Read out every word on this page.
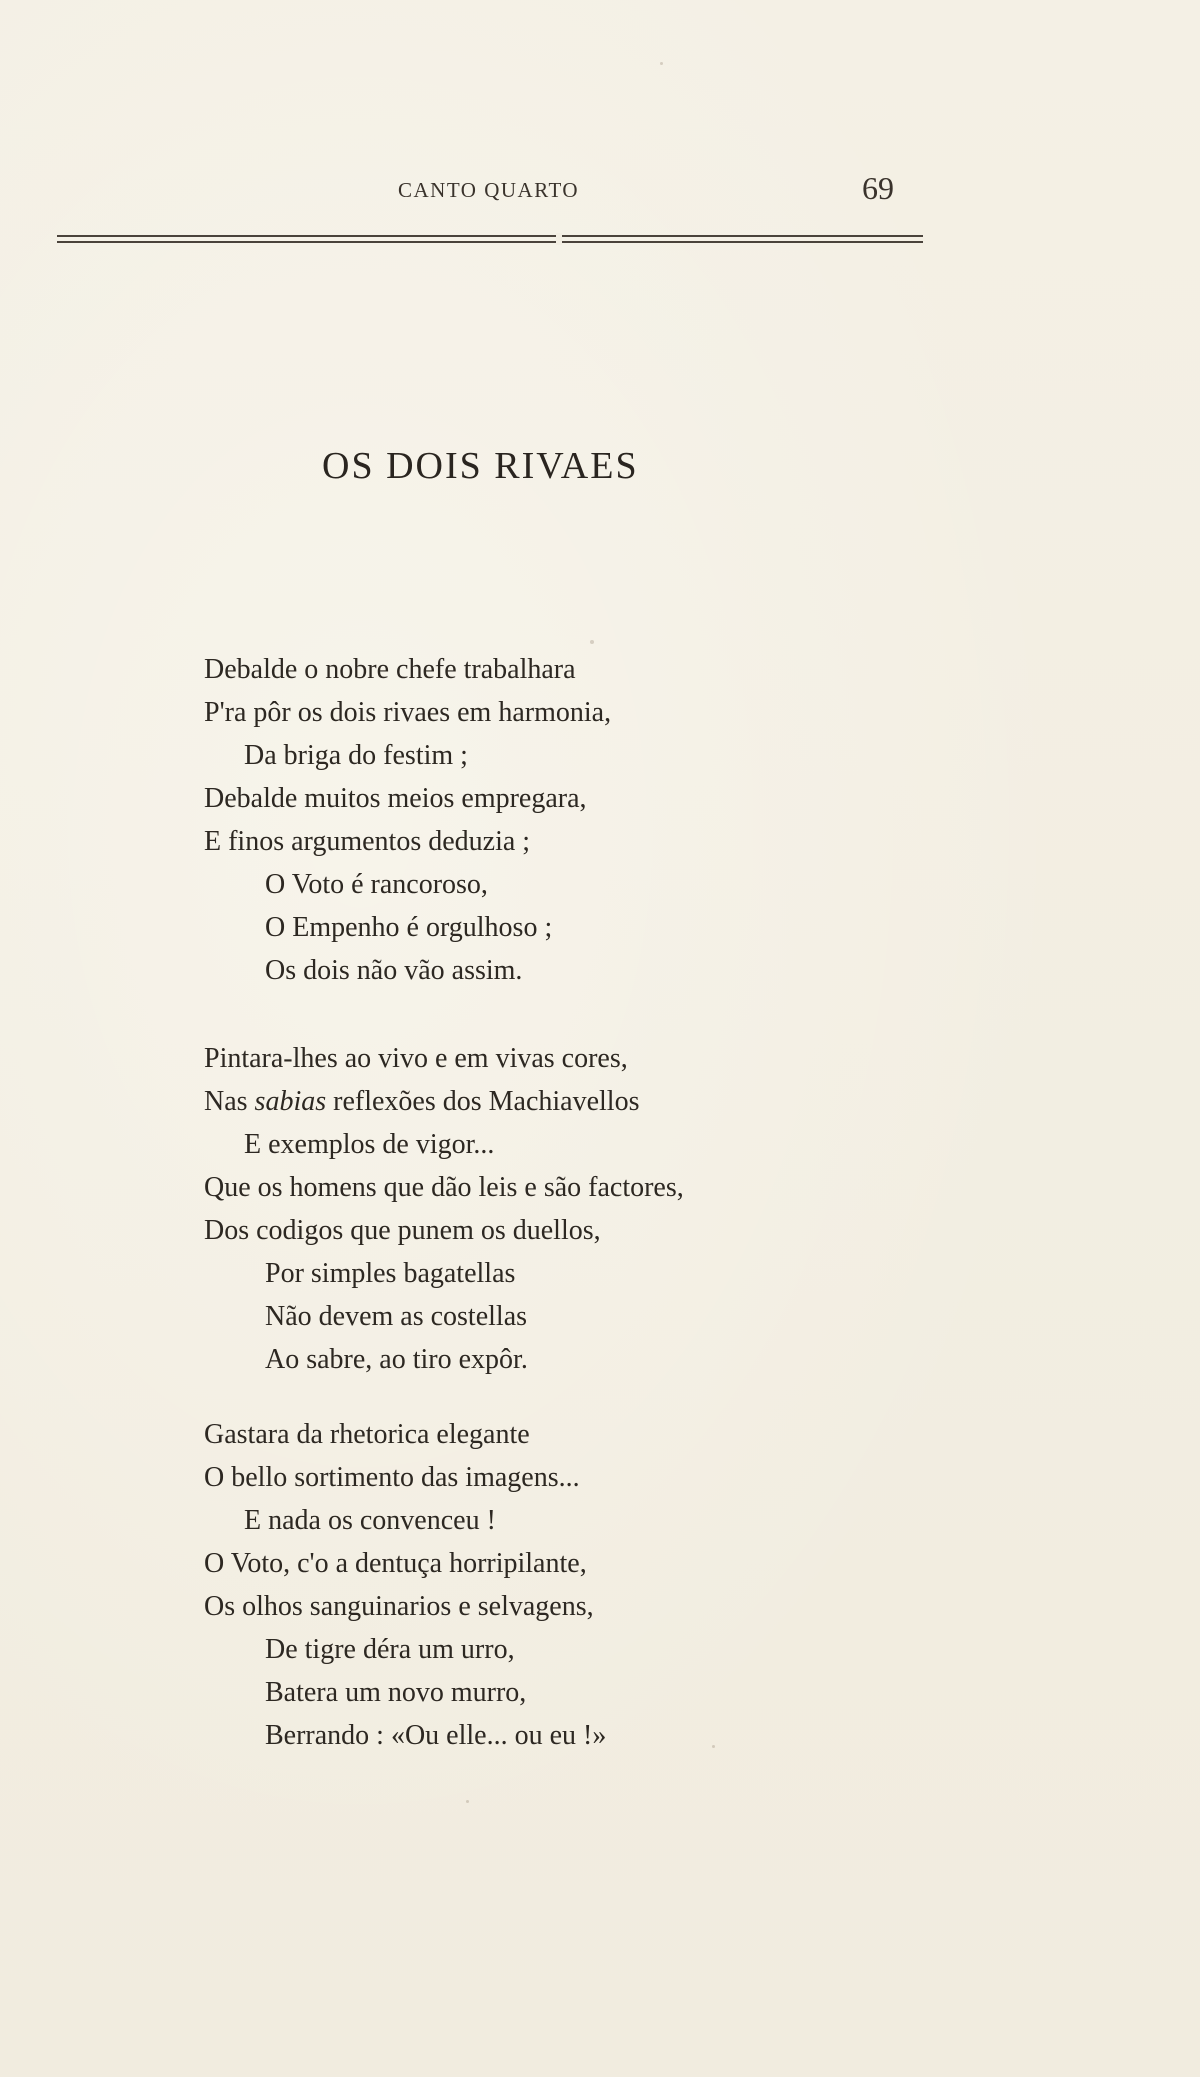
CANTO QUARTO	69
OS DOIS RIVAES
Debalde o nobre chefe trabalhara
P'ra pôr os dois rivaes em harmonia,
Da briga do festim ;
Debalde muitos meios empregara,
E finos argumentos deduzia ;
O Voto é rancoroso,
O Empenho é orgulhoso ;
Os dois não vão assim.
Pintara-lhes ao vivo e em vivas cores,
Nas sabias reflexões dos Machiavellos
E exemplos de vigor...
Que os homens que dão leis e são factores,
Dos codigos que punem os duellos,
Por simples bagatellas
Não devem as costellas
Ao sabre, ao tiro expôr.
Gastara da rhetorica elegante
O bello sortimento das imagens...
E nada os convenceu !
O Voto, c'o a dentuça horripilante,
Os olhos sanguinarios e selvagens,
De tigre déra um urro,
Batera um novo murro,
Berrando : «Ou elle... ou eu !»
